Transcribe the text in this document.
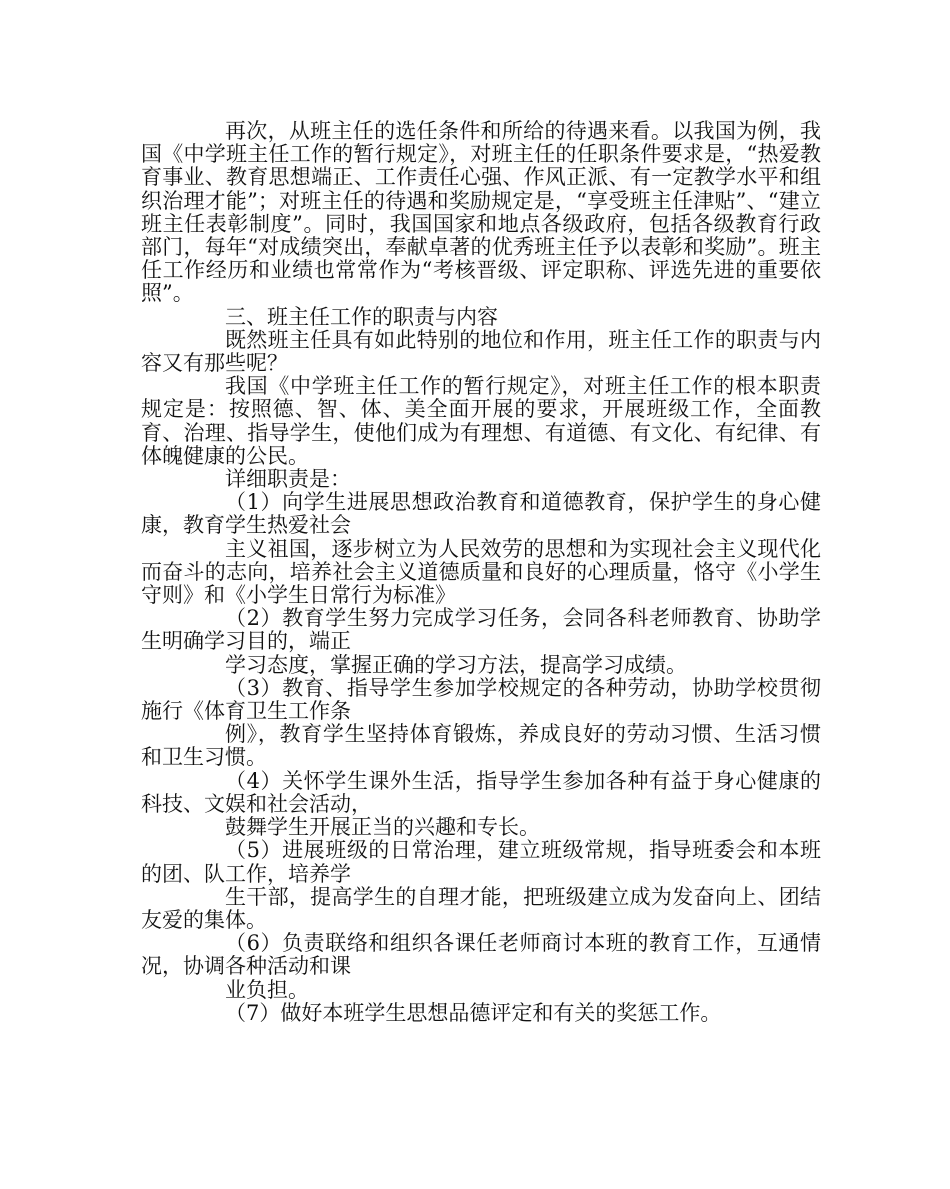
再次，从班主任的选任条件和所给的待遇来看。以我国为例，我国《中学班主任工作的暂行规定》，对班主任的任职条件要求是，“热爱教育事业、教育思想端正、工作责任心强、作风正派、有一定教学水平和组织治理才能”；对班主任的待遇和奖励规定是，“享受班主任津贴”、“建立班主任表彰制度”。同时，我国国家和地点各级政府，包括各级教育行政部门，每年“对成绩突出，奉献卓著的优秀班主任予以表彰和奖励”。班主任工作经历和业绩也常常作为“考核晋级、评定职称、评选先进的重要依照”。

三、班主任工作的职责与内容

既然班主任具有如此特别的地位和作用，班主任工作的职责与内容又有那些呢？

我国《中学班主任工作的暂行规定》，对班主任工作的根本职责规定是：按照德、智、体、美全面开展的要求，开展班级工作，全面教育、治理、指导学生，使他们成为有理想、有道德、有文化、有纪律、有体魄健康的公民。

详细职责是：

（1）向学生进展思想政治教育和道德教育，保护学生的身心健康，教育学生热爱社会

主义祖国，逐步树立为人民效劳的思想和为实现社会主义现代化而奋斗的志向，培养社会主义道德质量和良好的心理质量，恪守《小学生守则》和《小学生日常行为标准》

（2）教育学生努力完成学习任务，会同各科老师教育、协助学生明确学习目的，端正

学习态度，掌握正确的学习方法，提高学习成绩。

（3）教育、指导学生参加学校规定的各种劳动，协助学校贯彻施行《体育卫生工作条

例》，教育学生坚持体育锻炼，养成良好的劳动习惯、生活习惯和卫生习惯。

（4）关怀学生课外生活，指导学生参加各种有益于身心健康的科技、文娱和社会活动，

鼓舞学生开展正当的兴趣和专长。

（5）进展班级的日常治理，建立班级常规，指导班委会和本班的团、队工作，培养学

生干部，提高学生的自理才能，把班级建立成为发奋向上、团结友爱的集体。

（6）负责联络和组织各课任老师商讨本班的教育工作，互通情况，协调各种活动和课

业负担。

（7）做好本班学生思想品德评定和有关的奖惩工作。
